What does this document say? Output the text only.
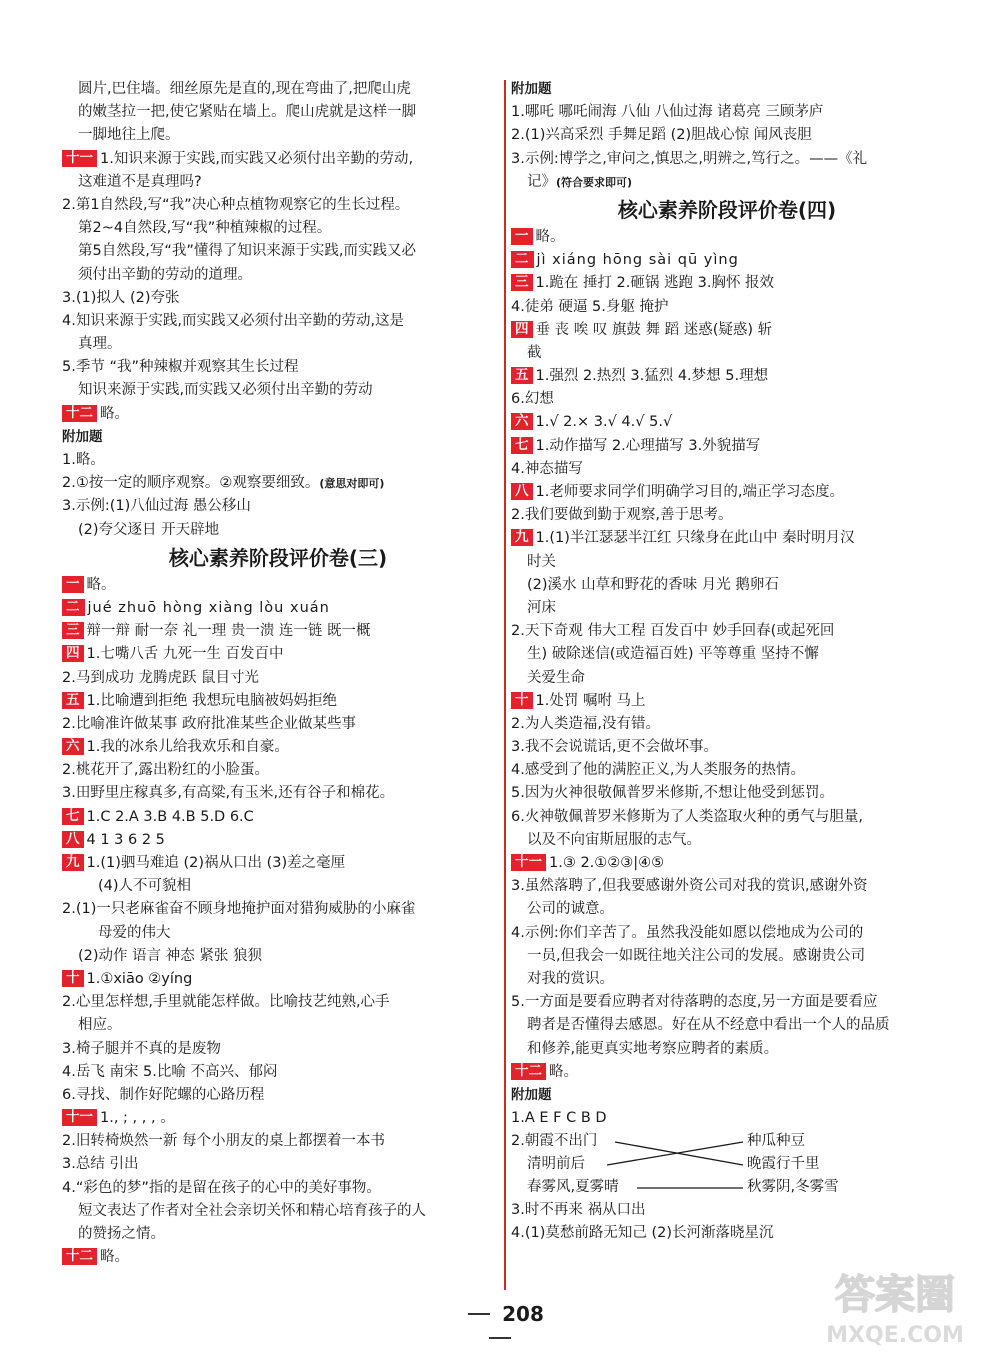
圆片,巴住墙。细丝原先是直的,现在弯曲了,把爬山虎
的嫩茎拉一把,使它紧贴在墙上。爬山虎就是这样一脚
一脚地往上爬。
十一 1.知识来源于实践,而实践又必须付出辛勤的劳动,
这难道不是真理吗?
2.第1自然段,写“我”决心种点植物观察它的生长过程。
第2~4自然段,写“我”种植辣椒的过程。
第5自然段,写“我”懂得了知识来源于实践,而实践又必
须付出辛勤的劳动的道理。
3.(1)拟人 (2)夸张
4.知识来源于实践,而实践又必须付出辛勤的劳动,这是
真理。
5.季节 “我”种辣椒并观察其生长过程
知识来源于实践,而实践又必须付出辛勤的劳动
十二 略。
附加题
1.略。
2.①按一定的顺序观察。②观察要细致。(意思对即可)
3.示例:(1)八仙过海 愚公移山
(2)夸父逐日 开天辟地
核心素养阶段评价卷(三)
一 略。
二 jué zhuō hòng xiàng lòu xuán
三 辩一辩 耐一奈 礼一理 贵一溃 连一链 既一概
四 1.七嘴八舌 九死一生 百发百中
2.马到成功 龙腾虎跃 鼠目寸光
五 1.比喻遭到拒绝 我想玩电脑被妈妈拒绝
2.比喻准许做某事 政府批准某些企业做某些事
六 1.我的冰糸儿给我欢乐和自豪。
2.桃花开了,露出粉红的小脸蛋。
3.田野里庄稼真多,有高粱,有玉米,还有谷子和棉花。
七 1.C 2.A 3.B 4.B 5.D 6.C
八 4 1 3 6 2 5
九 1.(1)驷马难追 (2)祸从口出 (3)差之毫厘
(4)人不可貌相
2.(1)一只老麻雀奋不顾身地掩护面对猎狗威胁的小麻雀
母爱的伟大
(2)动作 语言 神态 紧张 狼狈
十 1.①xiāo ②yíng
2.心里怎样想,手里就能怎样做。比喻技艺纯熟,心手
相应。
3.椅子腿并不真的是废物
4.岳飞 南宋 5.比喻 不高兴、郁闷
6.寻找、制作好陀螺的心路历程
十一 1., ; , , , 。
2.旧转椅焕然一新 每个小朋友的桌上都摆着一本书
3.总结 引出
4.“彩色的梦”指的是留在孩子的心中的美好事物。
短文表达了作者对全社会亲切关怀和精心培育孩子的人
的赞扬之情。
十二 略。
附加题
1.哪吒 哪吒闹海 八仙 八仙过海 诸葛亮 三顾茅庐
2.(1)兴高采烈 手舞足蹈 (2)胆战心惊 闻风丧胆
3.示例:博学之,审问之,慎思之,明辨之,笃行之。——《礼
记》(符合要求即可)
核心素养阶段评价卷(四)
一 略。
二 jì xiáng hōng sài qū yìng
三 1.跪在 捶打 2.砸锅 逃跑 3.胸怀 报效
4.徒弟 硬逼 5.身躯 掩护
四 垂 丧 唉 叹 旗鼓 舞 蹈 迷惑(疑惑) 斩
截
五 1.强烈 2.热烈 3.猛烈 4.梦想 5.理想
6.幻想
六 1.√ 2.× 3.√ 4.√ 5.√
七 1.动作描写 2.心理描写 3.外貌描写
4.神态描写
八 1.老师要求同学们明确学习目的,端正学习态度。
2.我们要做到勤于观察,善于思考。
九 1.(1)半江瑟瑟半江红 只缘身在此山中 秦时明月汉
时关
(2)溪水 山草和野花的香味 月光 鹅卵石
河床
2.天下奇观 伟大工程 百发百中 妙手回春(或起死回
生) 破除迷信(或造福百姓) 平等尊重 坚持不懈
关爱生命
十 1.处罚 嘱咐 马上
2.为人类造福,没有错。
3.我不会说谎话,更不会做坏事。
4.感受到了他的满腔正义,为人类服务的热情。
5.因为火神很敬佩普罗米修斯,不想让他受到惩罚。
6.火神敬佩普罗米修斯为了人类盗取火种的勇气与胆量,
以及不向宙斯屈服的志气。
十一 1.③ 2.①②③|④⑤
3.虽然落聘了,但我要感谢外资公司对我的赏识,感谢外资
公司的诚意。
4.示例:你们辛苦了。虽然我没能如愿以偿地成为公司的
一员,但我会一如既往地关注公司的发展。感谢贵公司
对我的赏识。
5.一方面是要看应聘者对待落聘的态度,另一方面是要看应
聘者是否懂得去感恩。好在从不经意中看出一个人的品质
和修养,能更真实地考察应聘者的素质。
十二 略。
附加题
1.A E F C B D
2.朝霞不出门
清明前后
春雾风,夏雾晴
种瓜种豆
晚霞行千里
秋雾阴,冬雾雪
3.时不再来 祸从口出
4.(1)莫愁前路无知己 (2)长河渐落晓星沉
208	答案圈
MXQE.COM
